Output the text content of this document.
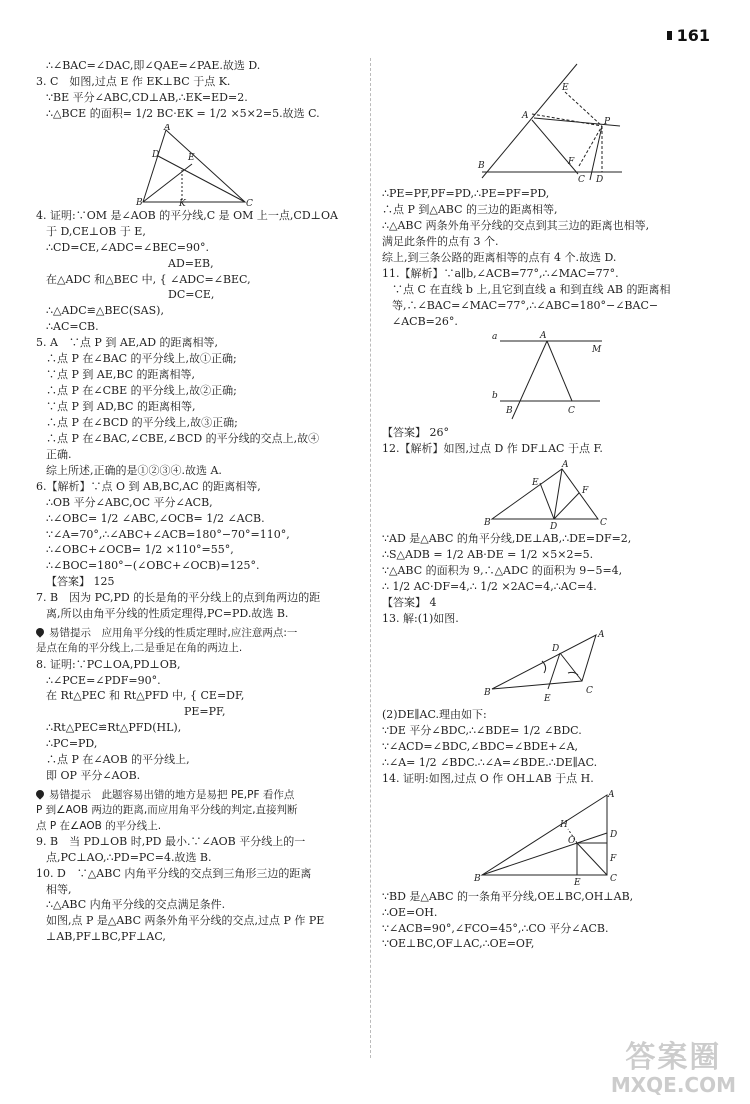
161

∴∠BAC=∠DAC,即∠QAE=∠PAE.故选 D.

3. C　如图,过点 E 作 EK⊥BC 于点 K.

∵BE 平分∠ABC,CD⊥AB,∴EK=ED=2.

∴△BCE 的面积= 1/2 BC·EK = 1/2 ×5×2=5.故选 C.

A
D	E
B	K	C

4. 证明:∵OM 是∠AOB 的平分线,C 是 OM 上一点,CD⊥OA

于 D,CE⊥OB 于 E,

∴CD=CE,∠ADC=∠BEC=90°.

AD=EB,

在△ADC 和△BEC 中, { ∠ADC=∠BEC,

DC=CE,

∴△ADC≌△BEC(SAS),

∴AC=CB.

5. A　∵点 P 到 AE,AD 的距离相等,

∴点 P 在∠BAC 的平分线上,故①正确;

∵点 P 到 AE,BC 的距离相等,

∴点 P 在∠CBE 的平分线上,故②正确;

∵点 P 到 AD,BC 的距离相等,

∴点 P 在∠BCD 的平分线上,故③正确;

∴点 P 在∠BAC,∠CBE,∠BCD 的平分线的交点上,故④

正确.

综上所述,正确的是①②③④.故选 A.

6.【解析】∵点 O 到 AB,BC,AC 的距离相等,

∴OB 平分∠ABC,OC 平分∠ACB,

∴∠OBC= 1/2 ∠ABC,∠OCB= 1/2 ∠ACB.

∵∠A=70°,∴∠ABC+∠ACB=180°−70°=110°,

∴∠OBC+∠OCB= 1/2 ×110°=55°,

∴∠BOC=180°−(∠OBC+∠OCB)=125°.

【答案】 125

7. B　因为 PC,PD 的长是角的平分线上的点到角两边的距

离,所以由角平分线的性质定理得,PC=PD.故选 B.

易错提示　应用角平分线的性质定理时,应注意两点:一

是点在角的平分线上,二是垂足在角的两边上.

8. 证明:∵PC⊥OA,PD⊥OB,

∴∠PCE=∠PDF=90°.

在 Rt△PEC 和 Rt△PFD 中, { CE=DF,

PE=PF,

∴Rt△PEC≌Rt△PFD(HL),

∴PC=PD,

∴点 P 在∠AOB 的平分线上,

即 OP 平分∠AOB.

易错提示　此题容易出错的地方是易把 PE,PF 看作点

P 到∠AOB 两边的距离,而应用角平分线的判定,直接判断

点 P 在∠AOB 的平分线上.

9. B　当 PD⊥OB 时,PD 最小.∵∠AOB 平分线上的一

点,PC⊥AO,∴PD=PC=4.故选 B.

10. D　∵△ABC 内角平分线的交点到三角形三边的距离

相等,

∴△ABC 内角平分线的交点满足条件.

如图,点 P 是△ABC 两条外角平分线的交点,过点 P 作 PE

⊥AB,PF⊥BC,PF⊥AC,

E
A
P
F
B
C D

∴PE=PF,PF=PD,∴PE=PF=PD,

∴点 P 到△ABC 的三边的距离相等,

∴△ABC 两条外角平分线的交点到其三边的距离也相等,

满足此条件的点有 3 个.

综上,到三条公路的距离相等的点有 4 个.故选 D.

11.【解析】∵a∥b,∠ACB=77°,∴∠MAC=77°.

∵点 C 在直线 b 上,且它到直线 a 和到直线 AB 的距离相

等,∴∠BAC=∠MAC=77°,∴∠ABC=180°−∠BAC−

∠ACB=26°.

a	A
M
b
B	C

【答案】 26°

12.【解析】如图,过点 D 作 DF⊥AC 于点 F.

A
E
F
B	D	C

∵AD 是△ABC 的角平分线,DE⊥AB,∴DE=DF=2,

∴S△ADB = 1/2 AB·DE = 1/2 ×5×2=5.

∵△ABC 的面积为 9,∴△ADC 的面积为 9−5=4,

∴ 1/2 AC·DF=4,∴ 1/2 ×2AC=4,∴AC=4.

【答案】 4

13. 解:(1)如图.

A
D
B
E
C

(2)DE∥AC.理由如下:

∵DE 平分∠BDC,∴∠BDE= 1/2 ∠BDC.

∵∠ACD=∠BDC,∠BDC=∠BDE+∠A,

∴∠A= 1/2 ∠BDC.∴∠A=∠BDE.∴DE∥AC.

14. 证明:如图,过点 O 作 OH⊥AB 于点 H.

A
H
O
D
F
B	E	C

∵BD 是△ABC 的一条角平分线,OE⊥BC,OH⊥AB,

∴OE=OH.

∵∠ACB=90°,∠FCO=45°,∴CO 平分∠ACB.

∵OE⊥BC,OF⊥AC,∴OE=OF,

答案圈
MXQE.COM
